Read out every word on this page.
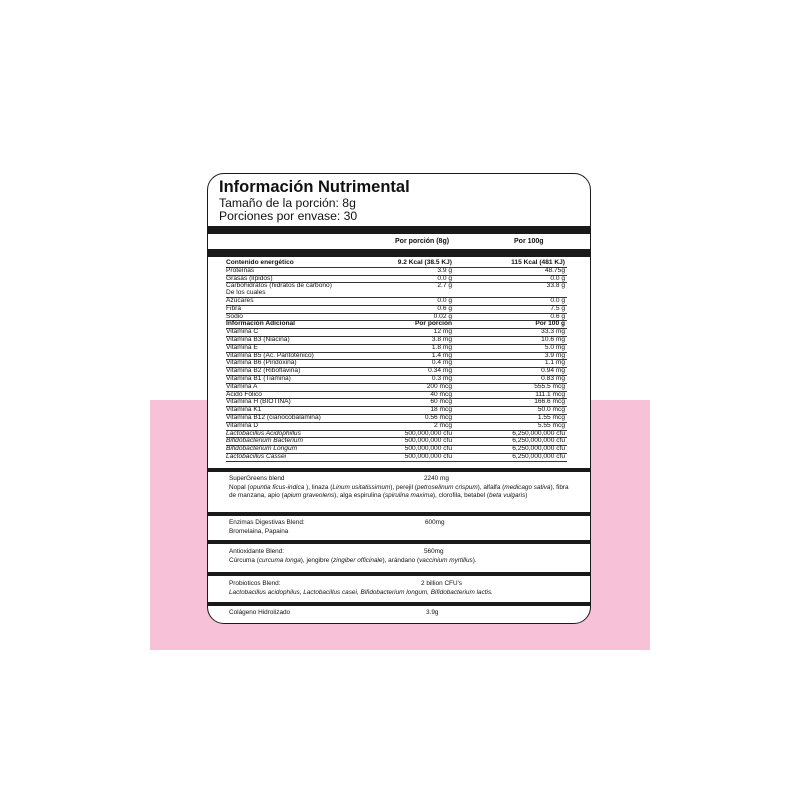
Información Nutrimental
Tamaño de la porción: 8g
Porciones por envase: 30
Por porción (8g)	Por 100g
Contenido energético	9.2 Kcal (38.5 KJ)	115 Kcal (481 KJ)
Proteínas	3.9 g	48.75g
Grasas (lípidos)	0.0 g	0.0 g
Carbohidratos (hidratos de carbono)	2.7 g	33.8 g
De los cuales
Azúcares	0.0 g	0.0 g
Fibra	0.6 g	7.5 g
Sodio	0.02 g	0.6 g
Información Adicional	Por porción	Por 100 g
Vitamina C	12 mg	33.3 mg
Vitamina B3 (Niacina)	3.8 mg	10.6 mg
Vitamina E	1.8 mg	5.0 mg
Vitamina B5 (Ac. Pantoténico)	1.4 mg	3.9 mg
Vitamina B6 (Piridoxina)	0.4 mg	1.1 mg
Vitamina B2 (Riboflavina)	0.34 mg	0.94 mg
Vitamina B1 (Tiamina)	0.3 mg	0.83 mg
Vitamina A	200 mcg	555.5 mcg
Acido Fólico	40 mcg	111.1 mcg
Vitamina H (BIOTINA)	60 mcg	166.6 mcg
Vitamina K1	18 mcg	50.0 mcg
Vitamina B12 (cianocobalamina)	0.56 mcg	1.55 mcg
Vitamina D	2 mcg	5.55 mcg
Lactobacillus Acidophillus	500,000,000 cfu	6,250,000,000 cfu
Bifidobacterium Bacterium	500,000,000 cfu	6,250,000,000 cfu
Bifidobacterium Longum	500,000,000 cfu	6,250,000,000 cfu
Lactobacillus Cassei	500,000,000 cfu	6,250,000,000 cfu
SuperGreens blend	2240 mg
Nopal (opuntia ficus-indica ), linaza (Linum usitatissimum), perejil (petroselinum crispum), alfalfa (medicago sativa), fibra de manzana, apio (apium graveolens), alga espirulina (spirulina maxima), clorofila, betabel (beta vulgaris)
Enzimas Digestivas Blend:	600mg
Bromelaina, Papaina
Antioxidante Blend:	560mg
Cúrcuma (curcuma longa), jengibre (zingiber officinale), arándano (vaccinium myrtillus).
Probioticos Blend:	2 billion CFU's
Lactobacillus acidophilus, Lactobacillus casei, Bifidobacterium longum, Bifidobacterium lactis.
Colágeno Hidrolizado	3.9g
